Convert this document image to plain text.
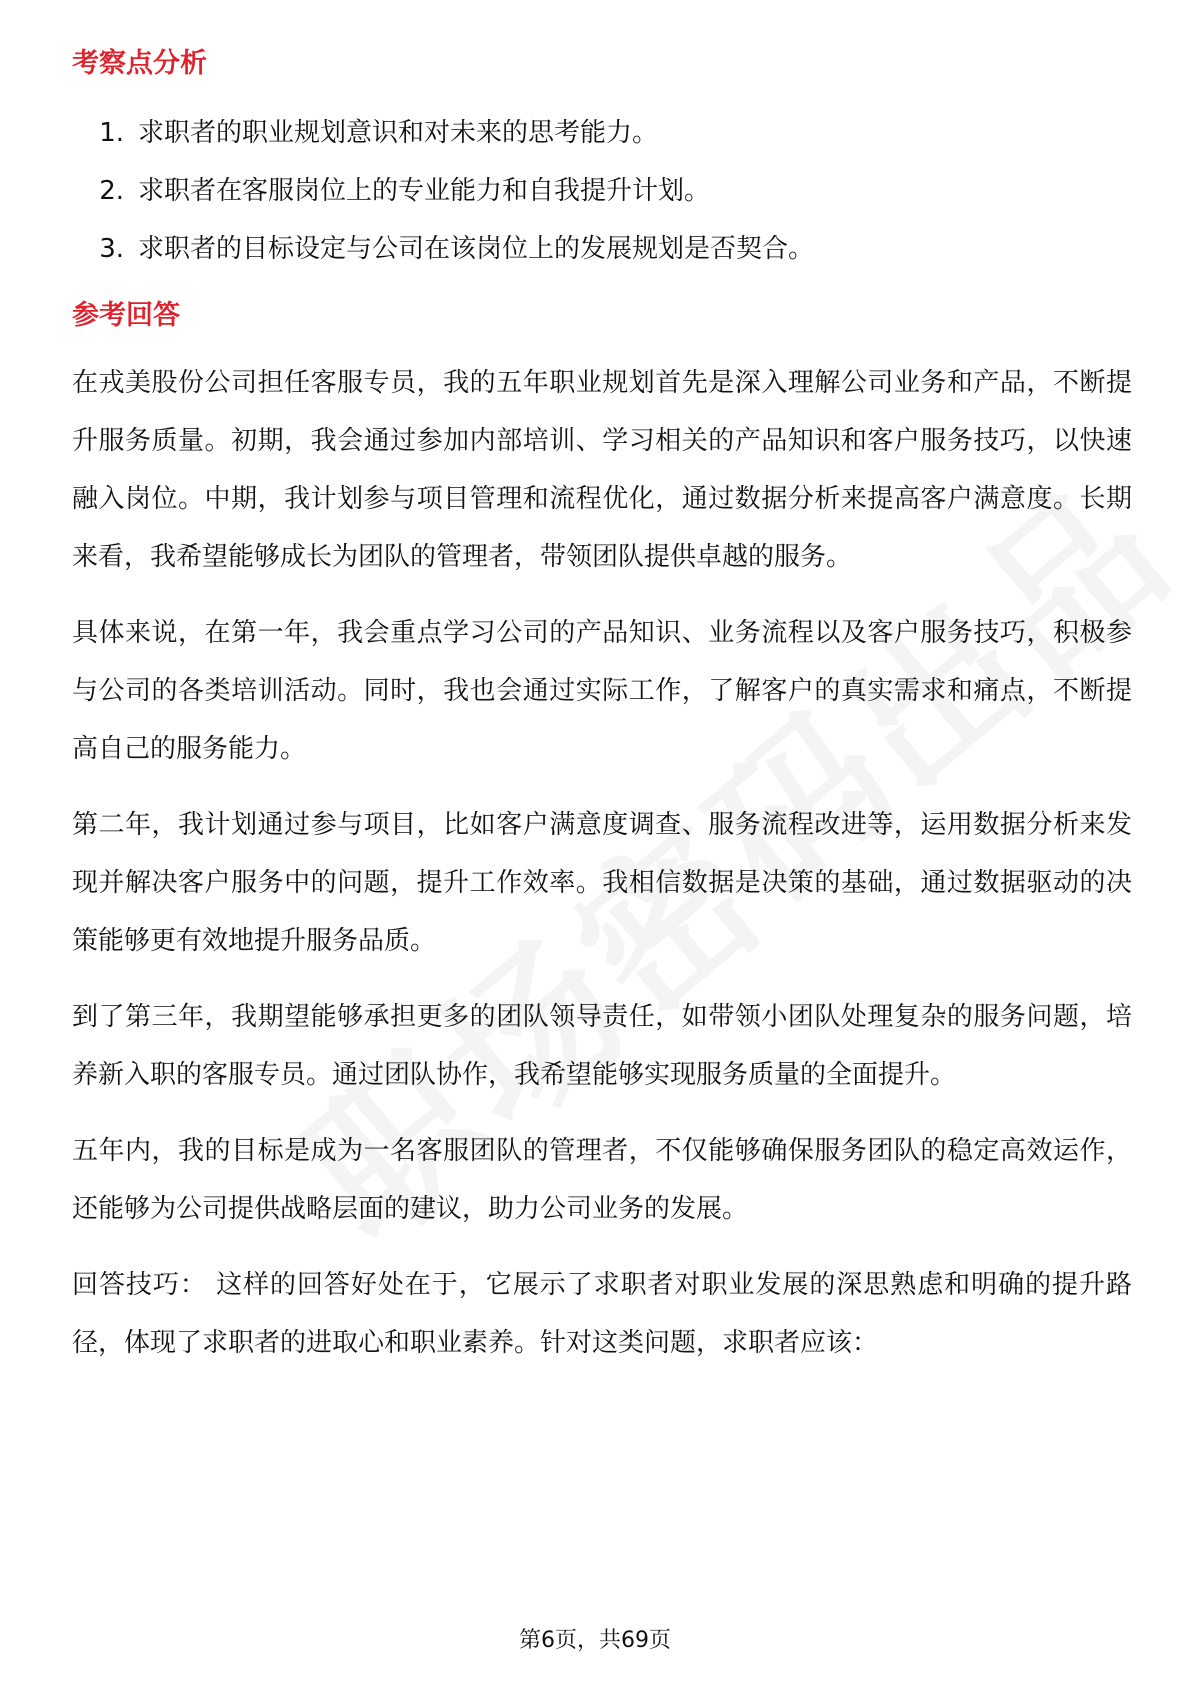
考察点分析
1. 求职者的职业规划意识和对未来的思考能力。
2. 求职者在客服岗位上的专业能力和自我提升计划。
3. 求职者的目标设定与公司在该岗位上的发展规划是否契合。
参考回答

在戎美股份公司担任客服专员，我的五年职业规划首先是深入理解公司业务和产品，不断提升服务质量。初期，我会通过参加内部培训、学习相关的产品知识和客户服务技巧，以快速融入岗位。中期，我计划参与项目管理和流程优化，通过数据分析来提高客户满意度。长期来看，我希望能够成长为团队的管理者，带领团队提供卓越的服务。

具体来说，在第一年，我会重点学习公司的产品知识、业务流程以及客户服务技巧，积极参与公司的各类培训活动。同时，我也会通过实际工作，了解客户的真实需求和痛点，不断提高自己的服务能力。

第二年，我计划通过参与项目，比如客户满意度调查、服务流程改进等，运用数据分析来发现并解决客户服务中的问题，提升工作效率。我相信数据是决策的基础，通过数据驱动的决策能够更有效地提升服务品质。

到了第三年，我期望能够承担更多的团队领导责任，如带领小团队处理复杂的服务问题，培养新入职的客服专员。通过团队协作，我希望能够实现服务质量的全面提升。

五年内，我的目标是成为一名客服团队的管理者，不仅能够确保服务团队的稳定高效运作，还能够为公司提供战略层面的建议，助力公司业务的发展。

回答技巧： 这样的回答好处在于，它展示了求职者对职业发展的深思熟虑和明确的提升路径，体现了求职者的进取心和职业素养。针对这类问题，求职者应该：

第6页，共69页
